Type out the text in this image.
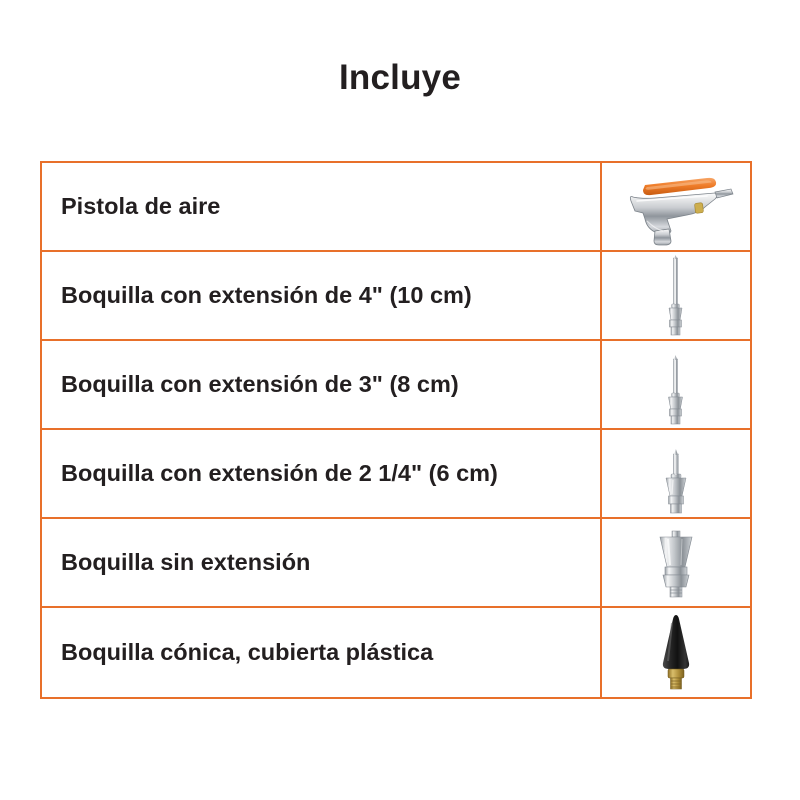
Incluye
Pistola de aire
Boquilla con extensión de 4" (10 cm)
Boquilla con extensión de 3" (8 cm)
Boquilla con extensión de 2 1/4" (6 cm)
Boquilla sin extensión
Boquilla cónica, cubierta plástica
